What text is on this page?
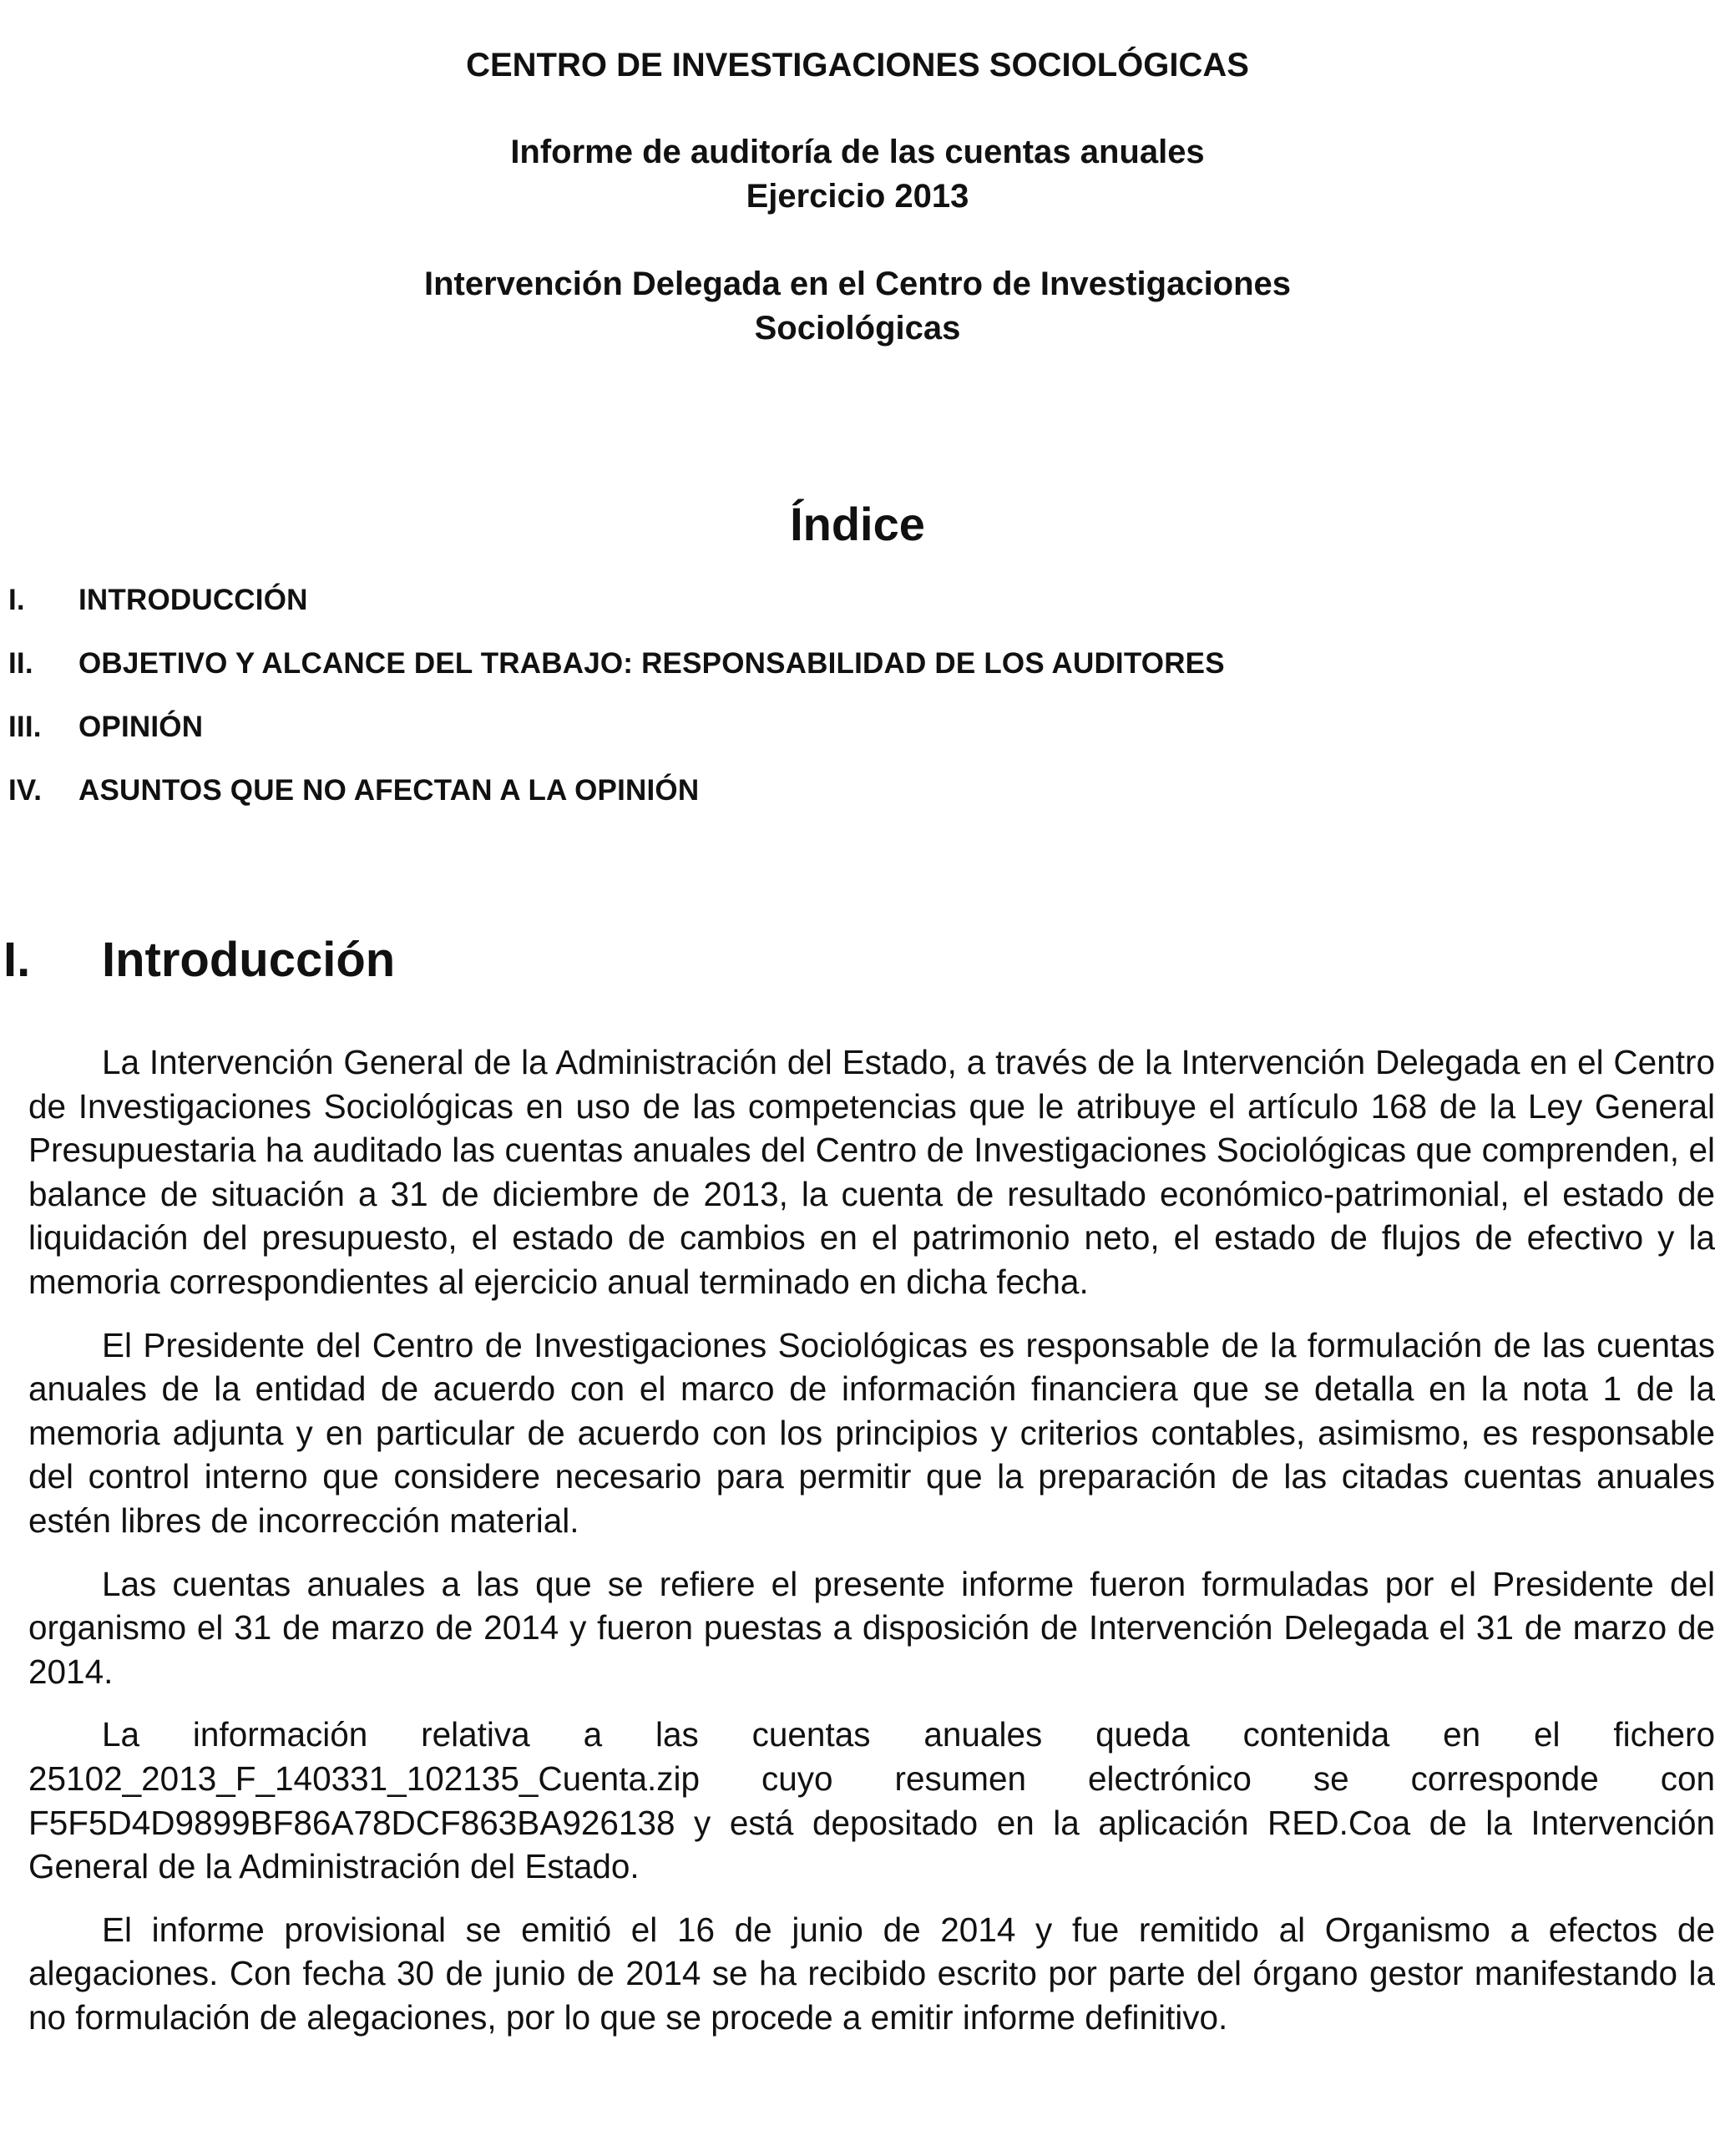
CENTRO DE INVESTIGACIONES SOCIOLÓGICAS
Informe de auditoría de las cuentas anuales
Ejercicio 2013
Intervención Delegada en el Centro de Investigaciones
Sociológicas
Índice
I.	INTRODUCCIÓN
II.	OBJETIVO Y ALCANCE DEL TRABAJO: RESPONSABILIDAD DE LOS AUDITORES
III.	OPINIÓN
IV.	ASUNTOS QUE NO AFECTAN A LA OPINIÓN
I.	Introducción

La Intervención General de la Administración del Estado, a través de la Intervención Delegada en el Centro de Investigaciones Sociológicas en uso de las competencias que le atribuye el artículo 168 de la Ley General Presupuestaria ha auditado las cuentas anuales del Centro de Investigaciones Sociológicas que comprenden, el balance de situación a 31 de diciembre de 2013, la cuenta de resultado económico-patrimonial, el estado de liquidación del presupuesto, el estado de cambios en el patrimonio neto, el estado de flujos de efectivo y la memoria correspondientes al ejercicio anual terminado en dicha fecha.

El Presidente del Centro de Investigaciones Sociológicas es responsable de la formulación de las cuentas anuales de la entidad de acuerdo con el marco de información financiera que se detalla en la nota 1 de la memoria adjunta y en particular de acuerdo con los principios y criterios contables, asimismo, es responsable del control interno que considere necesario para permitir que la preparación de las citadas cuentas anuales estén libres de incorrección material.

Las cuentas anuales a las que se refiere el presente informe fueron formuladas por el Presidente del organismo el 31 de marzo de 2014 y fueron puestas a disposición de Intervención Delegada el 31 de marzo de 2014.

La información relativa a las cuentas anuales queda contenida en el fichero 25102_2013_F_140331_102135_Cuenta.zip cuyo resumen electrónico se corresponde con F5F5D4D9899BF86A78DCF863BA926138 y está depositado en la aplicación RED.Coa de la Intervención General de la Administración del Estado.

El informe provisional se emitió el 16 de junio de 2014 y fue remitido al Organismo a efectos de alegaciones. Con fecha 30 de junio de 2014 se ha recibido escrito por parte del órgano gestor manifestando la no formulación de alegaciones, por lo que se procede a emitir informe definitivo.
